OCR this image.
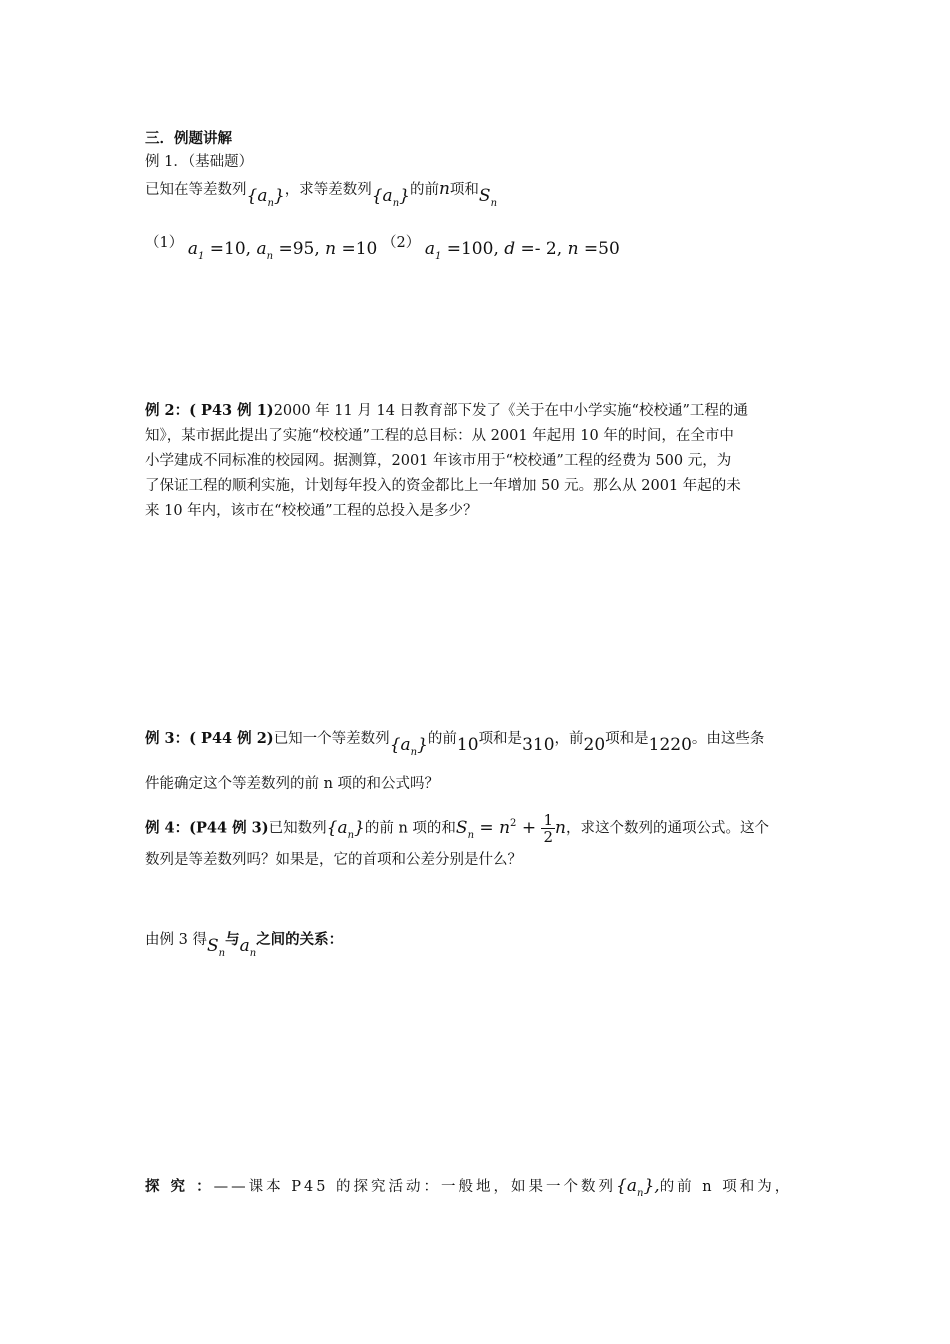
三．例题讲解
例 1．（基础题）
已知在等差数列$\{a_n\}$，求等差数列$\{a_n\}$的前n项和$S_n$
（1） $a_1 =10$, $a_n =95$, n =10 （2） $a_1 =100$, d =- 2, n =50
例 2：( P43 例 1)2000 年 11 月 14 日教育部下发了《关于在中小学实施“校校通”工程的通
知》，某市据此提出了实施“校校通”工程的总目标：从 2001 年起用 10 年的时间，在全市中
小学建成不同标准的校园网。据测算，2001 年该市用于“校校通”工程的经费为 500 元，为
了保证工程的顺利实施，计划每年投入的资金都比上一年增加 50 元。那么从 2001 年起的未
来 10 年内，该市在“校校通”工程的总投入是多少？
例 3：( P44 例 2)已知一个等差数列$\{a_n\}$的前10项和是310，前20项和是1220。由这些条
件能确定这个等差数列的前 n 项的和公式吗？
例 4：(P44 例 3)已知数列$\{a_n\}$的前 n 项的和$S_n = n^2 + \frac{1}{2}$ n，求这个数列的通项公式。这个
数列是等差数列吗？如果是，它的首项和公差分别是什么？
由例 3 得$S_n$与$a_n$之间的关系：
探 究 ：——课本 P45 的探究活动：一般地，如果一个数列$\{a_n\}$,的前 n 项和为，
